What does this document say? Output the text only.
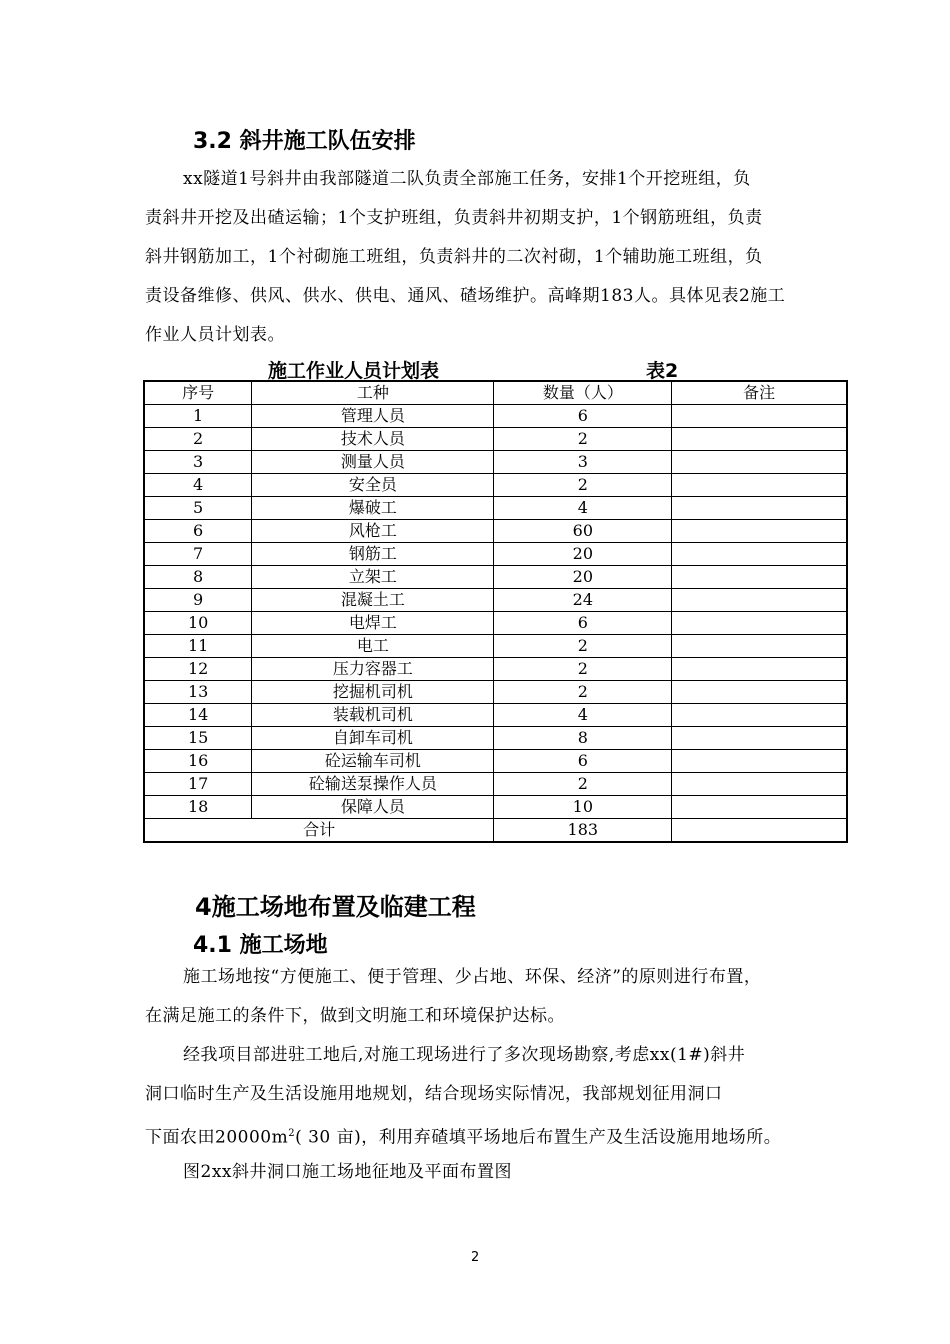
3.2 斜井施工队伍安排
xx隧道1号斜井由我部隧道二队负责全部施工任务，安排1个开挖班组，负
责斜井开挖及出碴运输；1个支护班组，负责斜井初期支护，1个钢筋班组，负责
斜井钢筋加工，1个衬砌施工班组，负责斜井的二次衬砌，1个辅助施工班组，负
责设备维修、供风、供水、供电、通风、碴场维护。高峰期183人。具体见表2施工
作业人员计划表。
施工作业人员计划表	表2
序号	工种	数量（人）	备注
1	管理人员	6	
2	技术人员	2	
3	测量人员	3	
4	安全员	2	
5	爆破工	4	
6	风枪工	60	
7	钢筋工	20	
8	立架工	20	
9	混凝土工	24	
10	电焊工	6	
11	电工	2	
12	压力容器工	2	
13	挖掘机司机	2	
14	装载机司机	4	
15	自卸车司机	8	
16	砼运输车司机	6	
17	砼输送泵操作人员	2	
18	保障人员	10	
合计		183	
4施工场地布置及临建工程
4.1 施工场地
施工场地按“方便施工、便于管理、少占地、环保、经济”的原则进行布置，
在满足施工的条件下，做到文明施工和环境保护达标。
经我项目部进驻工地后,对施工现场进行了多次现场勘察,考虑xx(1#)斜井
洞口临时生产及生活设施用地规划，结合现场实际情况，我部规划征用洞口
下面农田$20000m^2$( 30 亩)，利用弃碴填平场地后布置生产及生活设施用地场所。
图2xx斜井洞口施工场地征地及平面布置图
2
